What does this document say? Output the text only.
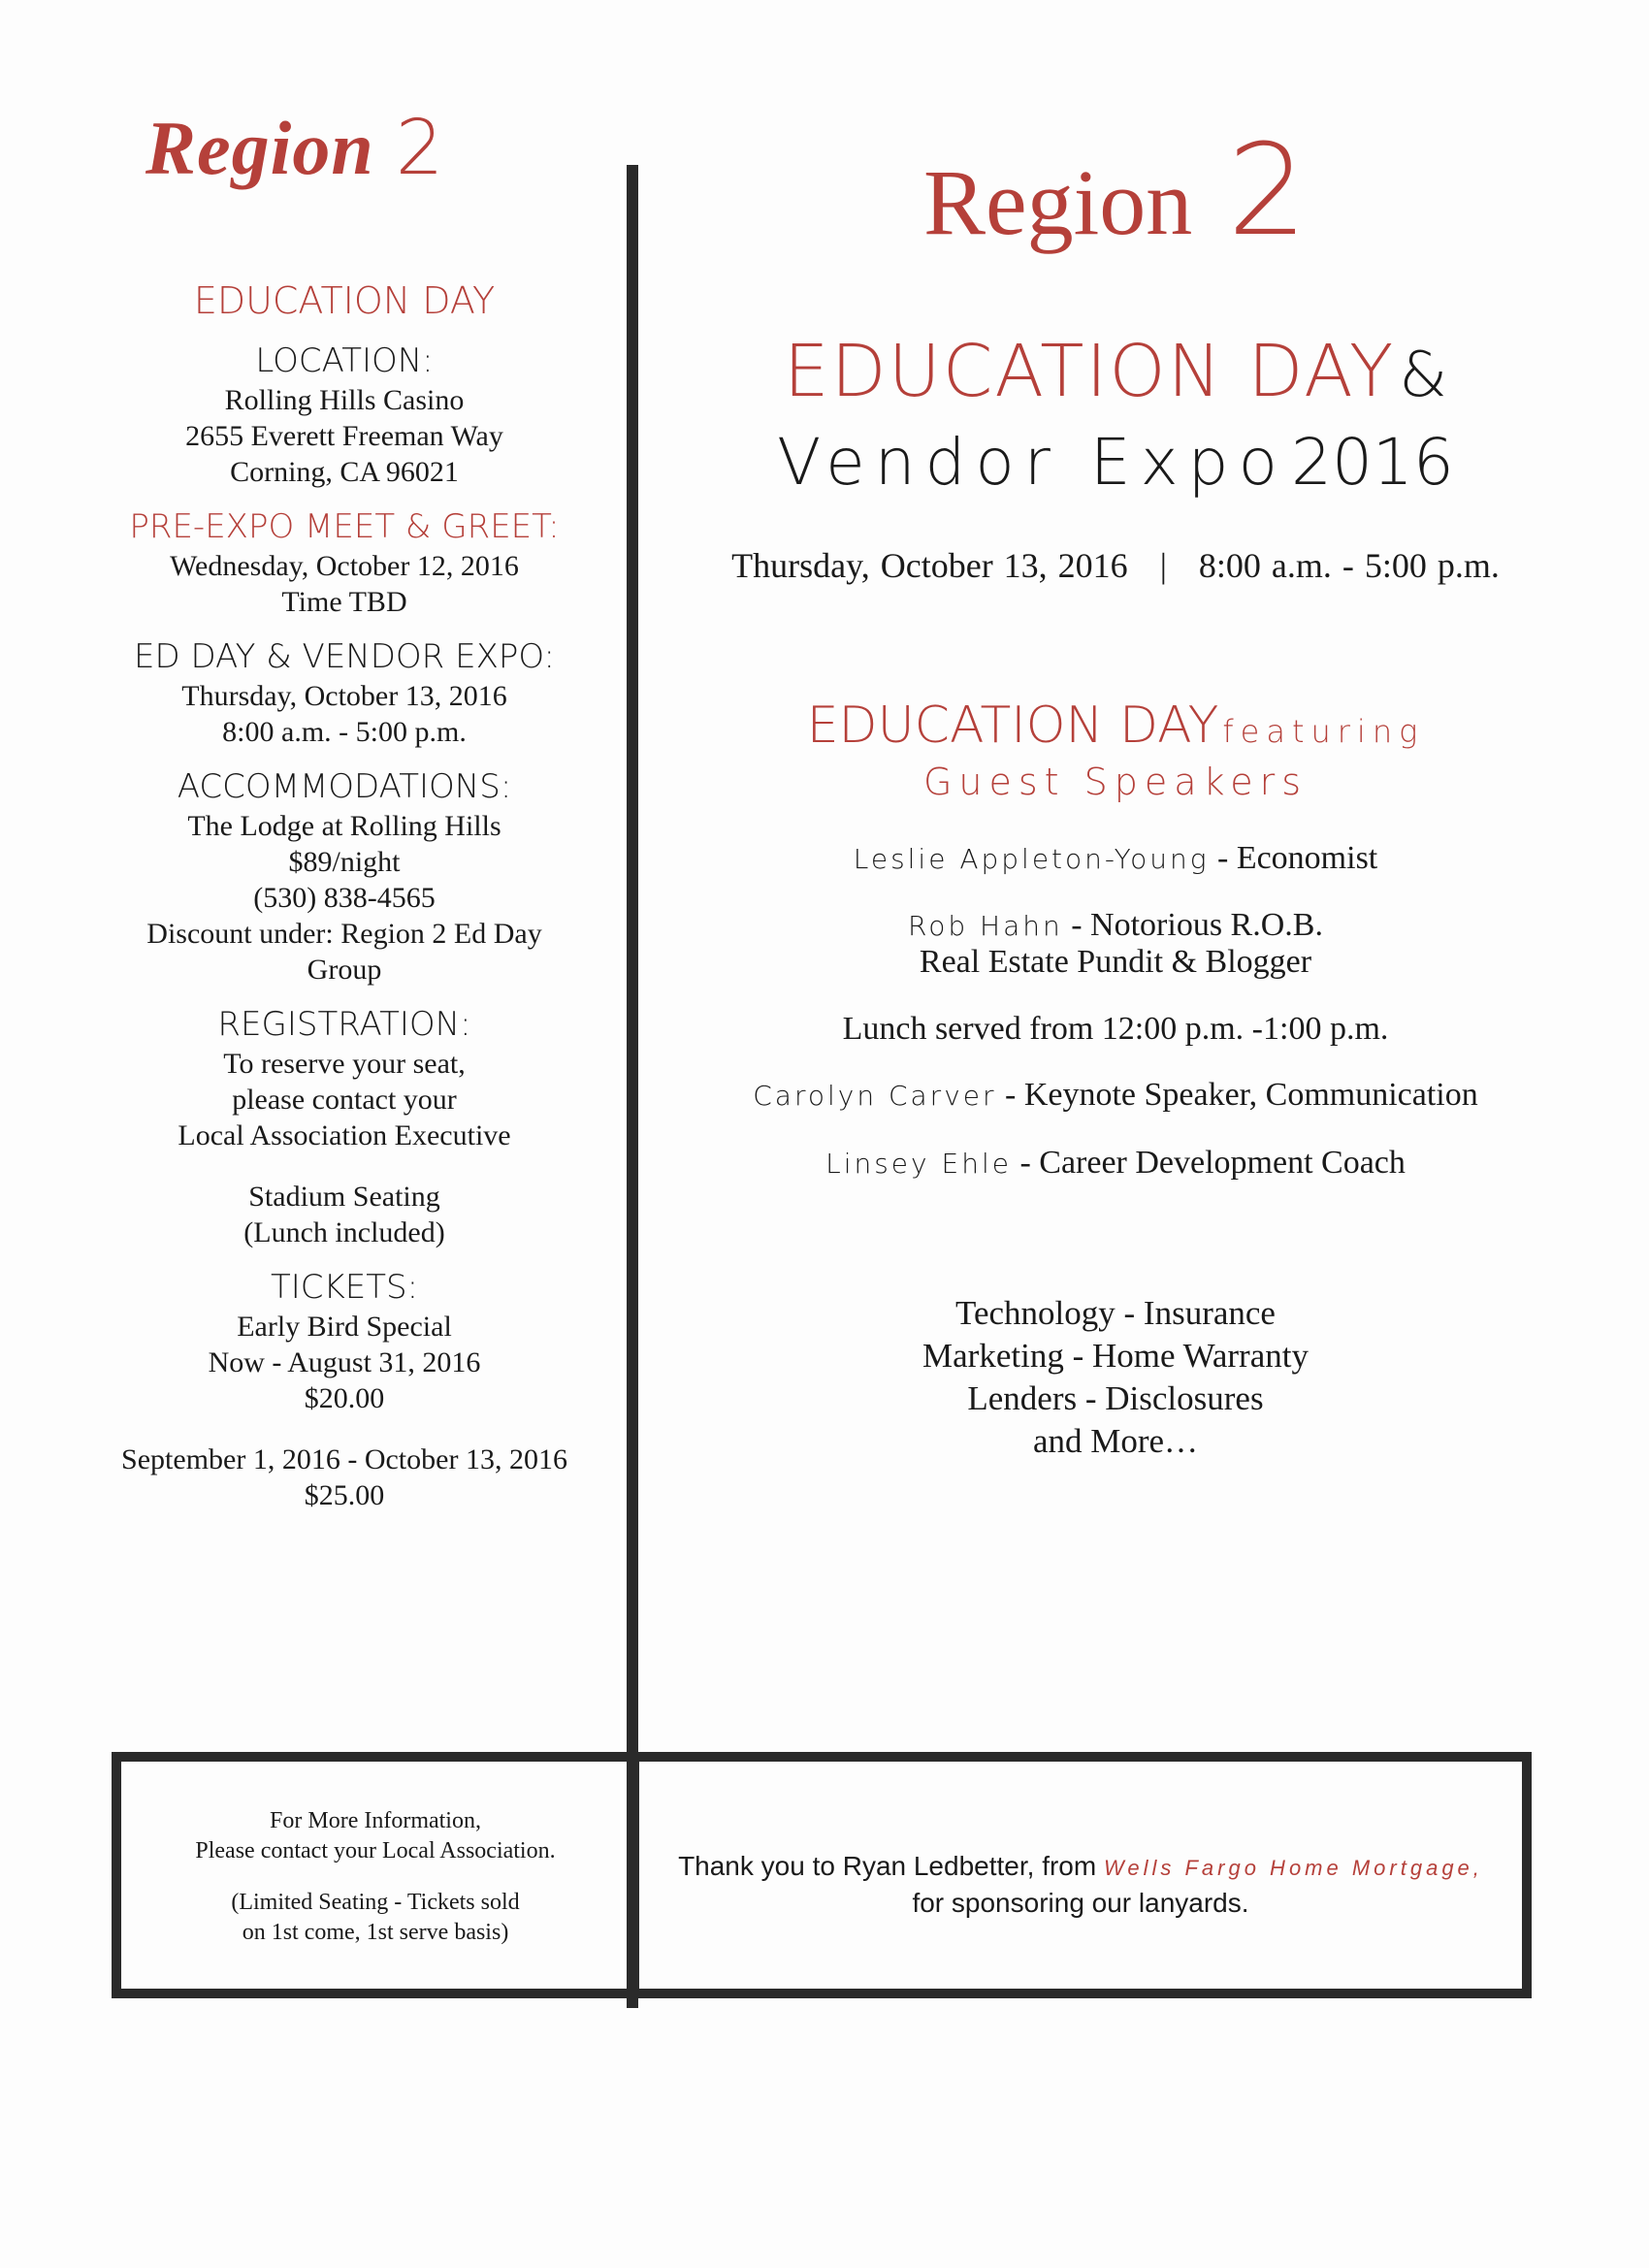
Region 2
EDUCATION DAY
LOCATION:
Rolling Hills Casino
2655 Everett Freeman Way
Corning, CA 96021
PRE-EXPO MEET & GREET:
Wednesday, October 12, 2016
Time TBD
ED DAY & VENDOR EXPO:
Thursday, October 13, 2016
8:00 a.m. - 5:00 p.m.
ACCOMMODATIONS:
The Lodge at Rolling Hills
$89/night
(530) 838-4565
Discount under: Region 2 Ed Day
Group
REGISTRATION:
To reserve your seat,
please contact your
Local Association Executive
Stadium Seating
(Lunch included)
TICKETS:
Early Bird Special
Now - August 31, 2016
$20.00
September 1, 2016 - October 13, 2016
$25.00
Region 2
EDUCATION DAY &
Vendor Expo 2016
Thursday, October 13, 2016 | 8:00 a.m. - 5:00 p.m.
EDUCATION DAY featuring
Guest Speakers
Leslie Appleton-Young - Economist
Rob Hahn - Notorious R.O.B.
Real Estate Pundit & Blogger
Lunch served from 12:00 p.m. -1:00 p.m.
Carolyn Carver - Keynote Speaker, Communication
Linsey Ehle - Career Development Coach
Technology - Insurance
Marketing - Home Warranty
Lenders - Disclosures
and More…
For More Information,
Please contact your Local Association.
(Limited Seating - Tickets sold
on 1st come, 1st serve basis)
Thank you to Ryan Ledbetter, from Wells Fargo Home Mortgage,
for sponsoring our lanyards.
